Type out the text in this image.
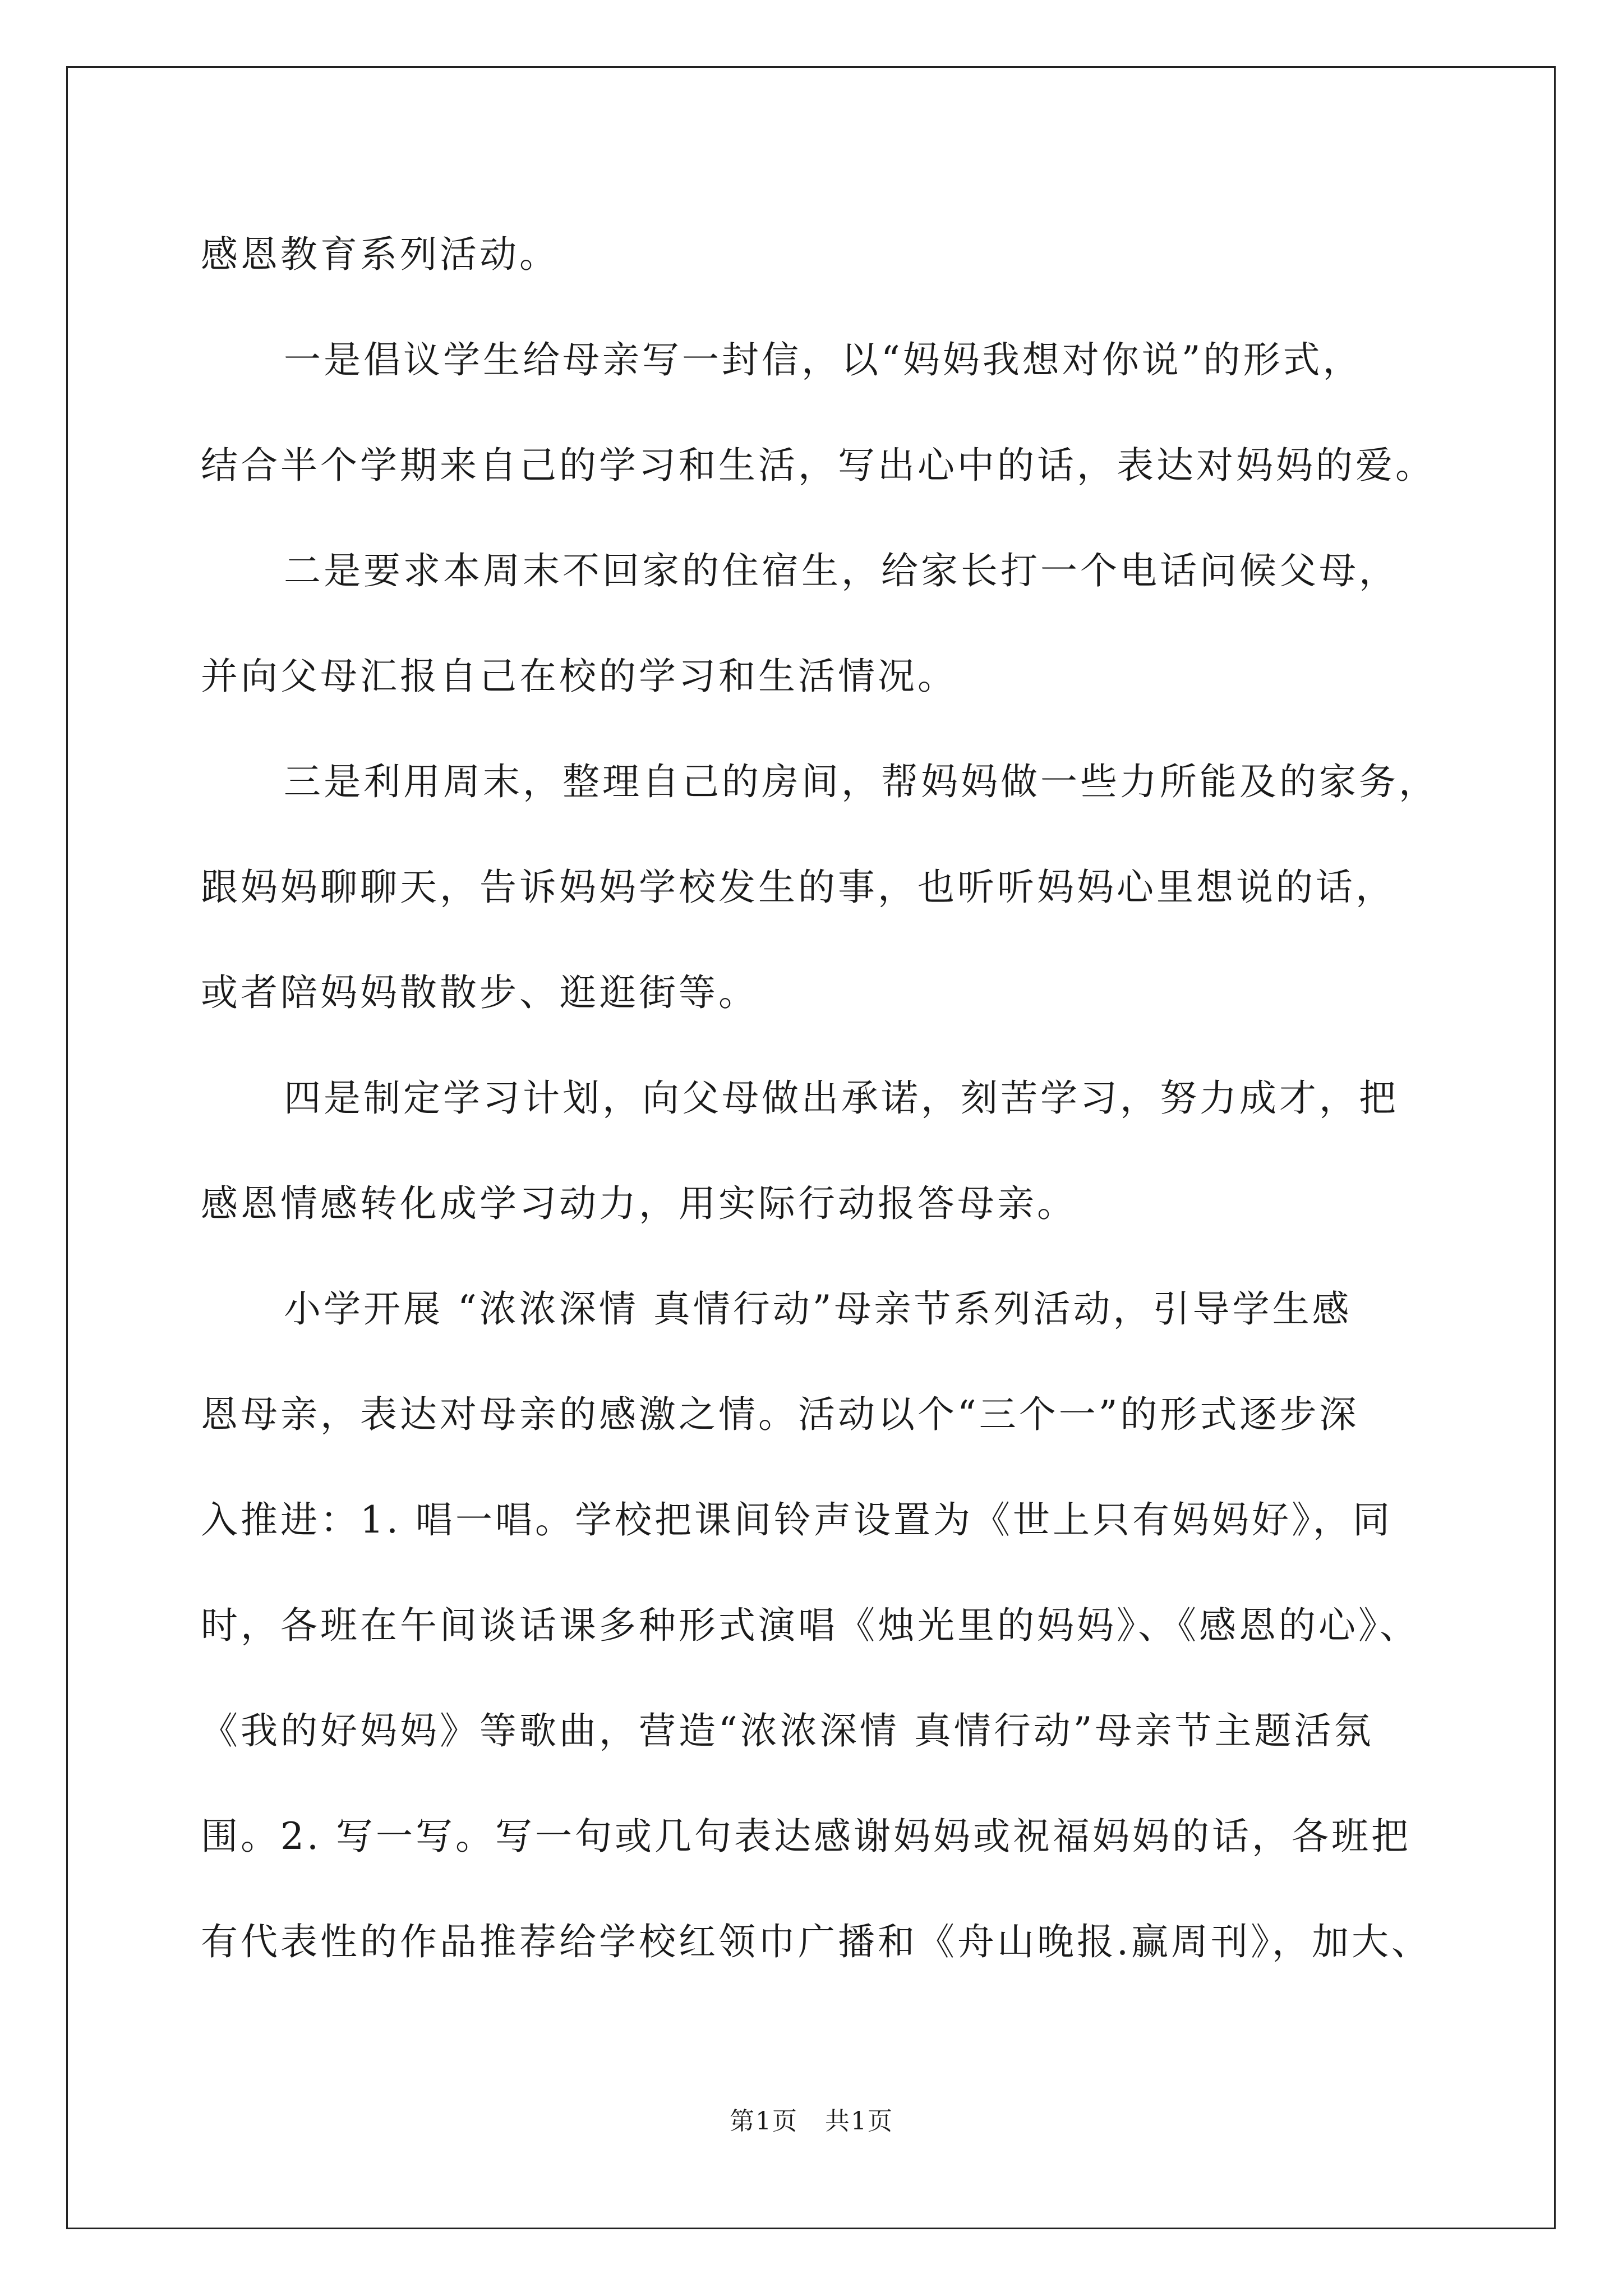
感恩教育系列活动。
一是倡议学生给母亲写一封信，以“妈妈我想对你说”的形式，
结合半个学期来自己的学习和生活，写出心中的话，表达对妈妈的爱。
二是要求本周末不回家的住宿生，给家长打一个电话问候父母，
并向父母汇报自己在校的学习和生活情况。
三是利用周末，整理自己的房间，帮妈妈做一些力所能及的家务，
跟妈妈聊聊天，告诉妈妈学校发生的事，也听听妈妈心里想说的话，
或者陪妈妈散散步、逛逛街等。
四是制定学习计划，向父母做出承诺，刻苦学习，努力成才，把
感恩情感转化成学习动力，用实际行动报答母亲。
小学开展 “浓浓深情 真情行动”母亲节系列活动，引导学生感
恩母亲，表达对母亲的感激之情。活动以个“三个一”的形式逐步深
入推进：1. 唱一唱。学校把课间铃声设置为《世上只有妈妈好》，同
时，各班在午间谈话课多种形式演唱《烛光里的妈妈》、《感恩的心》、
《我的好妈妈》等歌曲，营造“浓浓深情 真情行动”母亲节主题活氛
围。2. 写一写。写一句或几句表达感谢妈妈或祝福妈妈的话，各班把
有代表性的作品推荐给学校红领巾广播和《舟山晚报.赢周刊》，加大、
第1页 共1页
